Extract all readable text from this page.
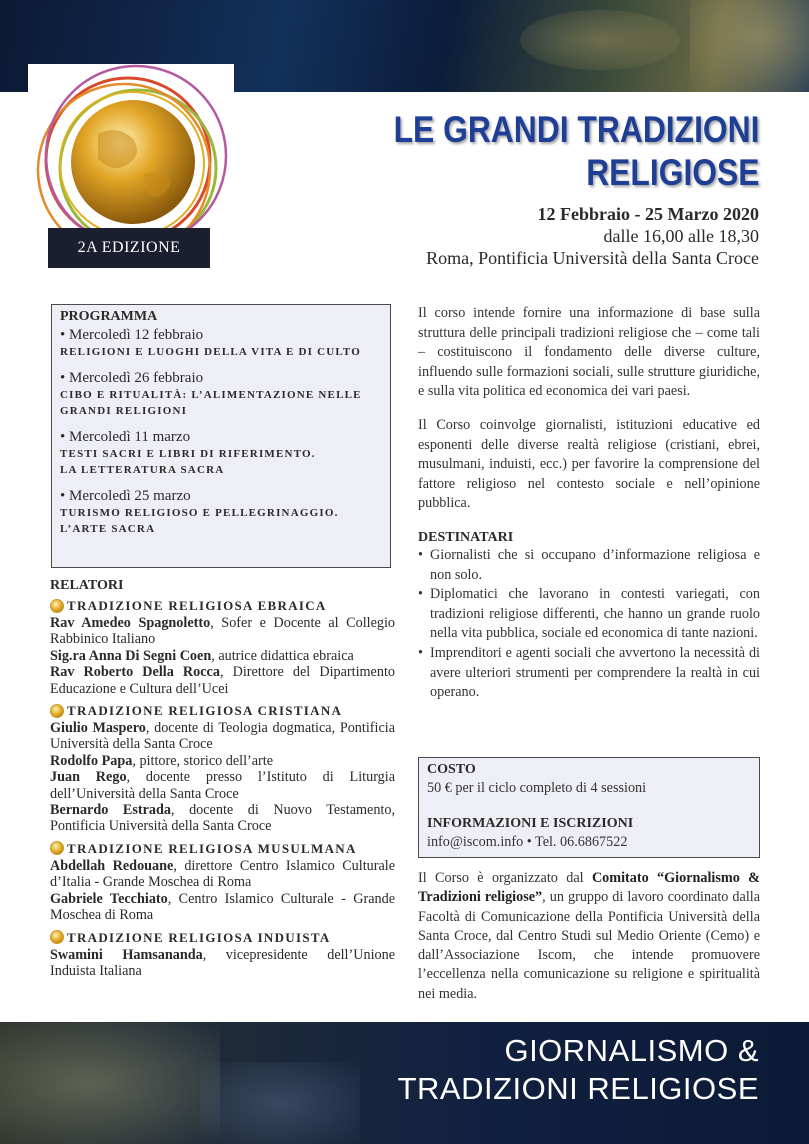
2A EDIZIONE
LE GRANDI TRADIZIONI
RELIGIOSE
12 Febbraio - 25 Marzo 2020
dalle 16,00 alle 18,30
Roma, Pontificia Università della Santa Croce
PROGRAMMA
• Mercoledì 12 febbraio
RELIGIONI E LUOGHI DELLA VITA E DI CULTO
• Mercoledì 26 febbraio
CIBO E RITUALITÀ: L’ALIMENTAZIONE NELLE
GRANDI RELIGIONI
• Mercoledì 11 marzo
TESTI SACRI E LIBRI DI RIFERIMENTO.
LA LETTERATURA SACRA
• Mercoledì 25 marzo
TURISMO RELIGIOSO E PELLEGRINAGGIO.
L’ARTE SACRA
RELATORI
TRADIZIONE RELIGIOSA EBRAICA

Rav Amedeo Spagnoletto, Sofer e Docente al Collegio Rabbinico Italiano

Sig.ra Anna Di Segni Coen, autrice didattica ebraica

Rav Roberto Della Rocca, Direttore del Dipartimento Educazione e Cultura dell’Ucei

TRADIZIONE RELIGIOSA CRISTIANA

Giulio Maspero, docente di Teologia dogmatica, Pontificia Università della Santa Croce

Rodolfo Papa, pittore, storico dell’arte

Juan Rego, docente presso l’Istituto di Liturgia dell’Università della Santa Croce

Bernardo Estrada, docente di Nuovo Testamento, Pontificia Università della Santa Croce

TRADIZIONE RELIGIOSA MUSULMANA

Abdellah Redouane, direttore Centro Islamico Culturale d’Italia - Grande Moschea di Roma

Gabriele Tecchiato, Centro Islamico Culturale - Grande Moschea di Roma

TRADIZIONE RELIGIOSA INDUISTA

Swamini Hamsananda, vicepresidente dell’Unione Induista Italiana

Il corso intende fornire una informazione di base sulla struttura delle principali tradizioni religiose che – come tali – costituiscono il fondamento delle diverse culture, influendo sulle formazioni sociali, sulle strutture giuridiche, e sulla vita politica ed economica dei vari paesi.

Il Corso coinvolge giornalisti, istituzioni educative ed esponenti delle diverse realtà religiose (cristiani, ebrei, musulmani, induisti, ecc.) per favorire la comprensione del fattore religioso nel contesto sociale e nell’opinione pubblica.

DESTINATARI
• Giornalisti che si occupano d’informazione religiosa e non solo.
• Diplomatici che lavorano in contesti variegati, con tradizioni religiose differenti, che hanno un grande ruolo nella vita pubblica, sociale ed economica di tante nazioni.
• Imprenditori e agenti sociali che avvertono la necessità di avere ulteriori strumenti per comprendere la realtà in cui operano.
COSTO

50 € per il ciclo completo di 4 sessioni

INFORMAZIONI E ISCRIZIONI

info@iscom.info • Tel. 06.6867522

Il Corso è organizzato dal Comitato “Giornalismo & Tradizioni religiose”, un gruppo di lavoro coordinato dalla Facoltà di Comunicazione della Pontificia Università della Santa Croce, dal Centro Studi sul Medio Oriente (Cemo) e dall’Associazione Iscom, che intende promuovere l’eccellenza nella comunicazione su religione e spiritualità nei media.
GIORNALISMO &
TRADIZIONI RELIGIOSE
